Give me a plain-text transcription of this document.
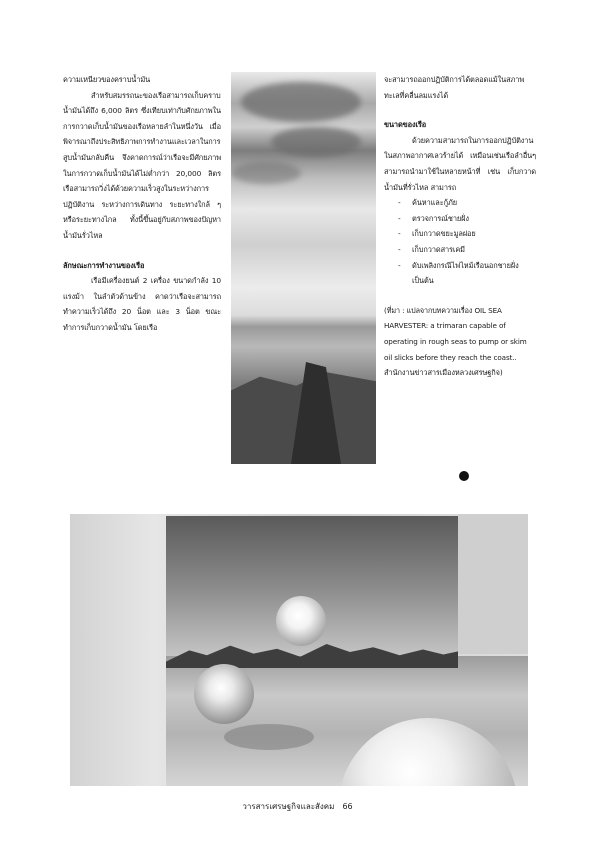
ความเหนียวของคราบน้ำมัน

สำหรับสมรรถนะของเรือสามารถเก็บคราบน้ำมันได้ถึง 6,000 ลิตร ซึ่งเทียบเท่ากับศักยภาพในการกวาดเก็บน้ำมันของเรือหลายลำในหนึ่งวัน เมื่อพิจารณาถึงประสิทธิภาพการทำงานและเวลาในการสูบน้ำมันกลับคืน จึงคาดการณ์ว่าเรือจะมีศักยภาพในการกวาดเก็บน้ำมันได้ไม่ต่ำกว่า 20,000 ลิตร เรือสามารถวิ่งได้ด้วยความเร็วสูงในระหว่างการปฏิบัติงาน ระหว่างการเดินทาง ระยะทางใกล้ ๆ หรือระยะทางไกล ทั้งนี้ขึ้นอยู่กับสภาพของปัญหาน้ำมันรั่วไหล

ลักษณะการทำงานของเรือ

เรือมีเครื่องยนต์ 2 เครื่อง ขนาดกำลัง 10 แรงม้า ในลำตัวด้านข้าง คาดว่าเรือจะสามารถทำความเร็วได้ถึง 20 น็อต และ 3 น็อต ขณะทำการเก็บกวาดน้ำมัน โดยเรือ

จะสามารถออกปฏิบัติการได้ตลอดแม้ในสภาพทะเลที่คลื่นลมแรงได้

ขนาดของเรือ

ด้วยความสามารถในการออกปฏิบัติงานในสภาพอากาศเลวร้ายได้ เหมือนเช่นเรือลำอื่นๆ สามารถนำมาใช้ในหลายหน้าที่ เช่น เก็บกวาดน้ำมันที่รั่วไหล สามารถ

- ค้นหาและกู้ภัย
- ตรวจการณ์ชายฝั่ง
- เก็บกวาดขยะมูลฝอย
- เก็บกวาดสารเคมี
- ดับเพลิงกรณีไฟไหม้เรือนอกชายฝั่งเป็นต้น

(ที่มา : แปลจากบทความเรื่อง OIL SEA HARVESTER: a trimaran capable of operating in rough seas to pump or skim oil slicks before they reach the coast..

สำนักงานข่าวสารเมืองหลวงเศรษฐกิจ)

วารสารเศรษฐกิจและสังคม 66
